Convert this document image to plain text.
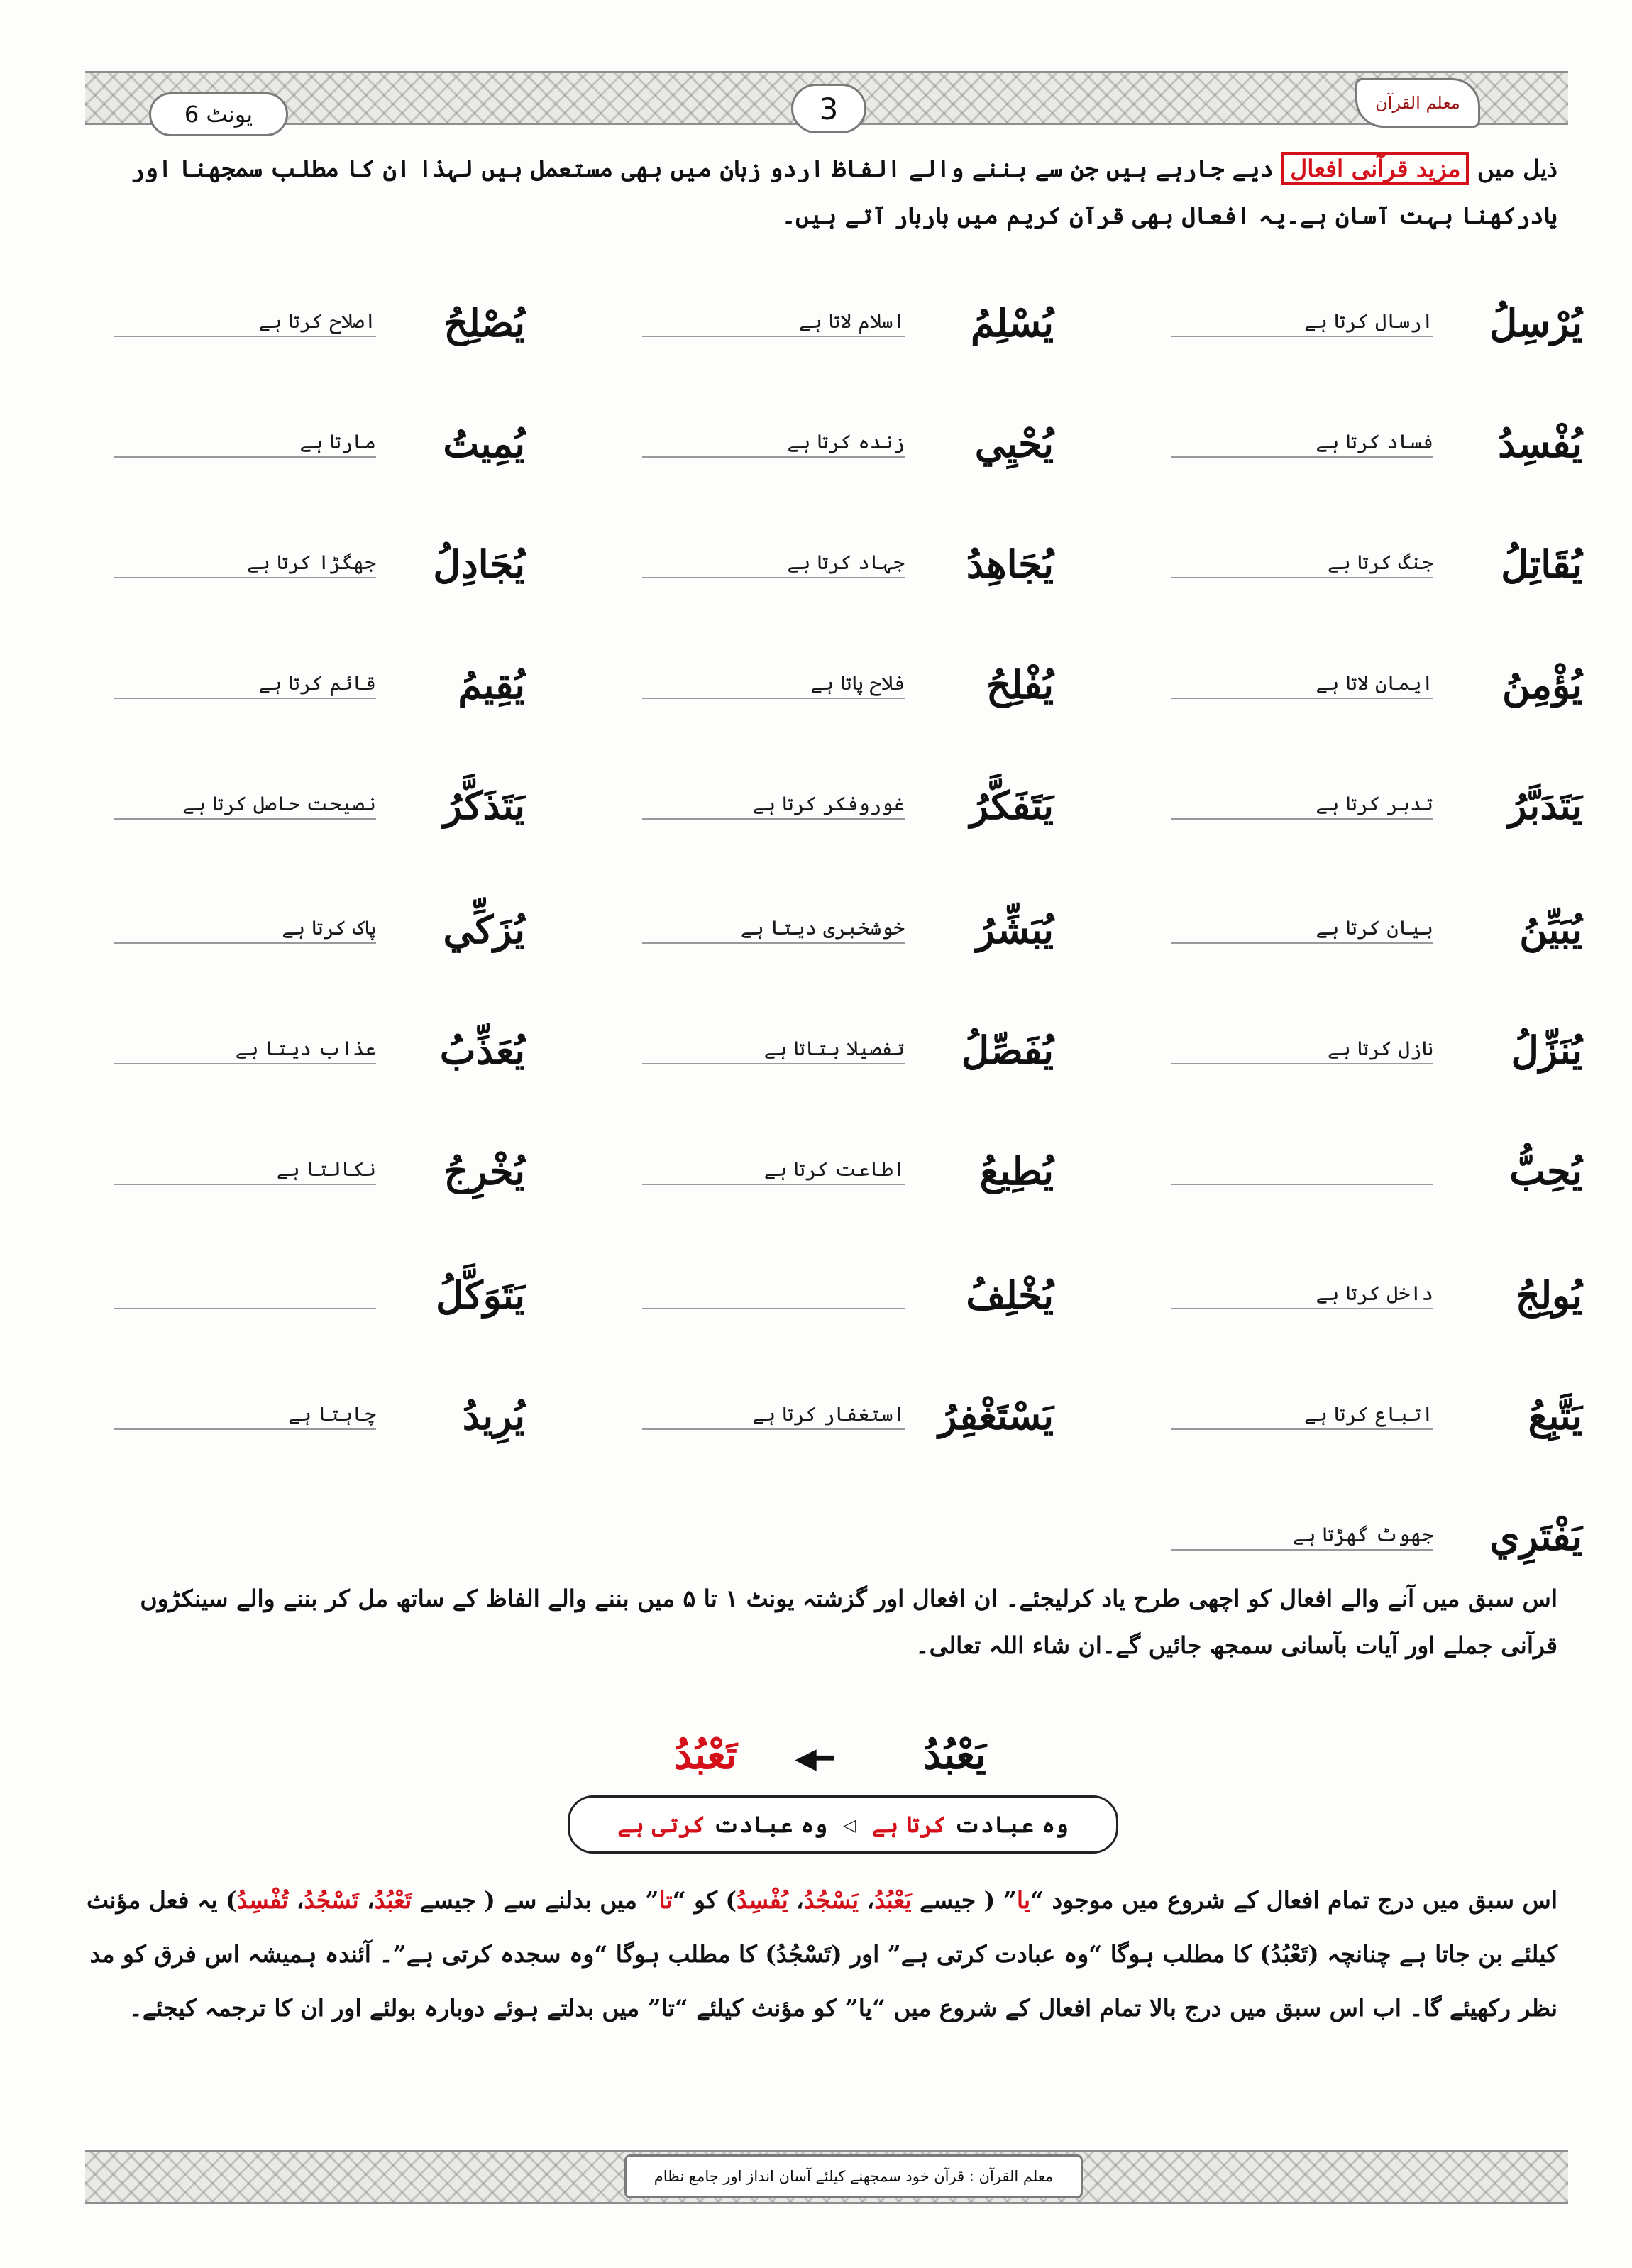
معلم القرآن
3
یونٹ 6
ذیل میں مزید قرآنی افعال دیے جارہے ہیں جن سے بننے والے الفاظ اردو زبان میں بھی مستعمل ہیں لہذا ان کا مطلب سمجھنا اور یادرکھنا بہت آسان ہے۔یہ افعال بھی قرآن کریم میں باربار آتے ہیں۔
يُرْسِلُ
ارسال کرتا ہے
يُسْلِمُ
اسلام لاتا ہے
يُصْلِحُ
اصلاح کرتا ہے
يُفْسِدُ
فساد کرتا ہے
يُحْيِي
زندہ کرتا ہے
يُمِيتُ
مارتا ہے
يُقَاتِلُ
جنگ کرتا ہے
يُجَاهِدُ
جہاد کرتا ہے
يُجَادِلُ
جھگڑا کرتا ہے
يُؤْمِنُ
ایمان لاتا ہے
يُفْلِحُ
فلاح پاتا ہے
يُقِيمُ
قائم کرتا ہے
يَتَدَبَّرُ
تدبر کرتا ہے
يَتَفَكَّرُ
غوروفکر کرتا ہے
يَتَذَكَّرُ
نصیحت حاصل کرتا ہے
يُبَيِّنُ
بیان کرتا ہے
يُبَشِّرُ
خوشخبری دیتا ہے
يُزَكِّي
پاک کرتا ہے
يُنَزِّلُ
نازل کرتا ہے
يُفَصِّلُ
تفصیلا بتاتا ہے
يُعَذِّبُ
عذاب دیتا ہے
يُحِبُّ
يُطِيعُ
اطاعت کرتا ہے
يُخْرِجُ
نکالتا ہے
يُولِجُ
داخل کرتا ہے
يُخْلِفُ
يَتَوَكَّلُ
يَتَّبِعُ
اتباع کرتا ہے
يَسْتَغْفِرُ
استغفار کرتا ہے
يُرِيدُ
چاہتا ہے
يَفْتَرِي
جھوٹ گھڑتا ہے
اس سبق میں آنے والے افعال کو اچھی طرح یاد کرلیجئے۔ ان افعال اور گزشتہ یونٹ ۱ تا ۵ میں بننے والے الفاظ کے ساتھ مل کر بننے والے سینکڑوں قرآنی جملے اور آیات بآسانی سمجھ جائیں گے۔ان شاء اللہ تعالی۔
يَعْبُدُ
◀━
تَعْبُدُ
وہ عبادت کرتا ہے
◁
وہ عبادت کرتی ہے
اس سبق میں درج تمام افعال کے شروع میں موجود “یا” ( جیسے يَعْبُدُ، يَسْجُدُ، يُفْسِدُ) کو “تا” میں بدلنے سے ( جیسے تَعْبُدُ، تَسْجُدُ، تُفْسِدُ) یہ فعل مؤنث کیلئے بن جاتا ہے چنانچہ (تَعْبُدُ) کا مطلب ہوگا “وہ عبادت کرتی ہے” اور (تَسْجُدُ) کا مطلب ہوگا “وہ سجدہ کرتی ہے”۔ آئندہ ہمیشہ اس فرق کو مد نظر رکھیئے گا۔ اب اس سبق میں درج بالا تمام افعال کے شروع میں “یا” کو مؤنث کیلئے “تا” میں بدلتے ہوئے دوبارہ بولئے اور ان کا ترجمہ کیجئے۔
معلم القرآن : قرآن خود سمجھنے کیلئے آسان انداز اور جامع نظام
